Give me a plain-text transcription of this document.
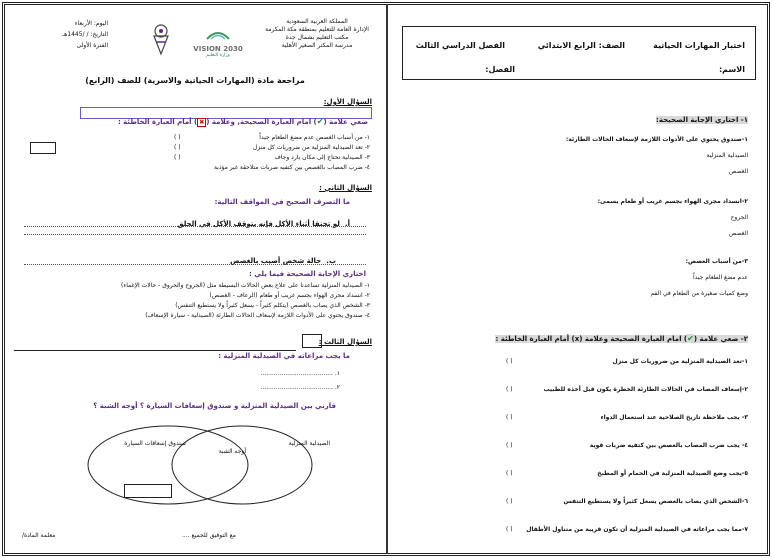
المملكة العربية السعودية
الإدارة العامة للتعليم بمنطقة مكة المكرمة
مكتب التعليم بشمال جدة
مدرسة المكتر الصغير الأهلية
VISION 2030
وزارة التعليم
اليوم: الأربعاء
التاريخ: / /1445هـ
الفترة الأولى
مراجعة مادة (المهارات الحياتية والاسرية) للصف (الرابع)
السؤال الأول:
ضعي علامة (✔) امام العبارة الصحيحة, وعلامة (✖) أمام العبارة الخاطئة :
١- من أسباب الغصص عدم مضغ الطعام جيداً
٢- تعد الصيدلية المنزلية من ضروريات كل منزل
٣- الصيدلية تحتاج إلى مكان بارد وجاف
٤- ضرب المصاب بالغصص بين كتفيه ضربات متلاحقة غير مؤذية
( )
( )
( )
السؤال الثاني :
ما التصرف الصحيح في المواقف التالية:
أ. لو تخنقا أثناء الأكل فإنه يتوقف الأكل في الحلق
ب. حالة شخص أصيب بالغصص
اختاري الإجابة الصحيحة فيما يلي :
١- الصيدلية المنزلية تساعدنا على علاج بعض الحالات البسيطة مثل (الجروح والحروق - حالات الإغماء)
٢- انسداد مجرى الهواء بجسم غريب أو طعام (الرعاف - الغصص)
٣- الشخص الذي يصاب بالغصص (يتكلم كثيراً - يسعل كثيراً ولا يستطيع التنفس)
٤- صندوق يحتوي على الأدوات اللازمة لإسعاف الحالات الطارئة (الصيدلية - سيارة الإسعاف)
السؤال الثالث :
ما يجب مراعاته في الصيدلية المنزلية :
١. ......................................
٢. ......................................
قارني بين الصيدلية المنزلية و صندوق إسعافات السيارة ؟ أوجه الشبة ؟
الصيدلية المنزلية
أوجه الشبة
صندوق إسعافات السيارة
مع التوفيق للجميع ....
معلمة المادة/
اختبار المهارات الحياتية
الصف: الرابع الابتدائي
الفصل الدراسي الثالث
الاسم:
الفصل:
١- اختاري الإجابة الصحيحة:
١-صندوق يحتوي على الأدوات اللازمة لإسعاف الحالات الطارئة:
الصيدلية المنزلية
الغصص
٢-انسداد مجرى الهواء بجسم غريب أو طعام يسمى:
الجروح
الغصص
٣-من أسباب الغصص:
عدم مضغ الطعام جيداً
وضع كميات صغيرة من الطعام في الفم
٢- ضعي علامة (✔) امام العبارة الصحيحة وعلامة (x) أمام العبارة الخاطئة :
١-تعد الصيدلية المنزلية من ضروريات كل منزل
٢-إسعاف المصاب في الحالات الطارئة الخطرة يكون قبل أخذه للطبيب
٣- يجب ملاحظة تاريخ الصلاحية عند استعمال الدواء
٤- يجب ضرب المصاب بالغصص بين كتفيه ضربات قوية
٥-يجب وضع الصيدلية المنزلية في الحمام أو المطبخ
٦-الشخص الذي يصاب بالغصص يسعل كثيراً ولا يستطيع التنفس
٧-مما يجب مراعاته في الصيدلية المنزلية أن تكون قريبة من متناول الأطفال
( )
( )
( )
( )
( )
( )
( )
